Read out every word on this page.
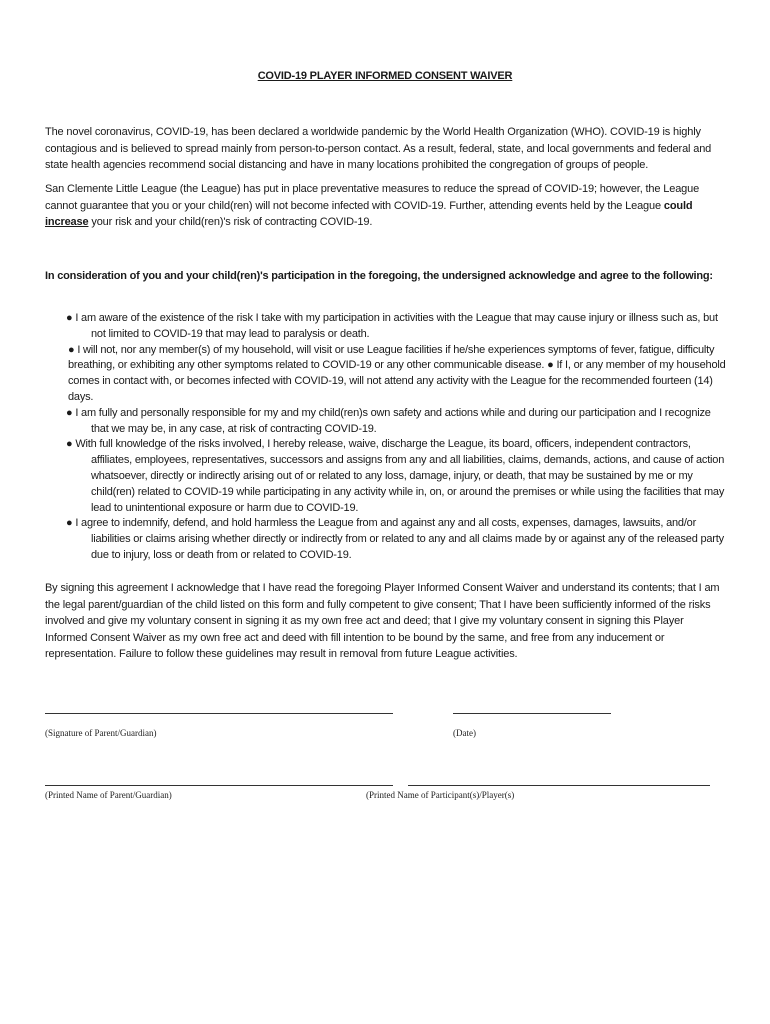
COVID-19 PLAYER INFORMED CONSENT WAIVER

The novel coronavirus, COVID-19, has been declared a worldwide pandemic by the World Health Organization (WHO). COVID-19 is highly contagious and is believed to spread mainly from person-to-person contact. As a result, federal, state, and local governments and federal and state health agencies recommend social distancing and have in many locations prohibited the congregation of groups of people.

San Clemente Little League (the League) has put in place preventative measures to reduce the spread of COVID-19; however, the League cannot guarantee that you or your child(ren) will not become infected with COVID-19. Further, attending events held by the League could increase your risk and your child(ren)'s risk of contracting COVID-19.

In consideration of you and your child(ren)'s participation in the foregoing, the undersigned acknowledge and agree to the following:

● I am aware of the existence of the risk I take with my participation in activities with the League that may cause injury or illness such as, but not limited to COVID-19 that may lead to paralysis or death.

● I will not, nor any member(s) of my household, will visit or use League facilities if he/she experiences symptoms of fever, fatigue, difficulty breathing, or exhibiting any other symptoms related to COVID-19 or any other communicable disease. ● If I, or any member of my household comes in contact with, or becomes infected with COVID-19, will not attend any activity with the League for the recommended fourteen (14) days.

● I am fully and personally responsible for my and my child(ren)s own safety and actions while and during our participation and I recognize that we may be, in any case, at risk of contracting COVID-19.

● With full knowledge of the risks involved, I hereby release, waive, discharge the League, its board, officers, independent contractors, affiliates, employees, representatives, successors and assigns from any and all liabilities, claims, demands, actions, and cause of action whatsoever, directly or indirectly arising out of or related to any loss, damage, injury, or death, that may be sustained by me or my child(ren) related to COVID-19 while participating in any activity while in, on, or around the premises or while using the facilities that may lead to unintentional exposure or harm due to COVID-19.

● I agree to indemnify, defend, and hold harmless the League from and against any and all costs, expenses, damages, lawsuits, and/or liabilities or claims arising whether directly or indirectly from or related to any and all claims made by or against any of the released party due to injury, loss or death from or related to COVID-19.

By signing this agreement I acknowledge that I have read the foregoing Player Informed Consent Waiver and understand its contents; that I am the legal parent/guardian of the child listed on this form and fully competent to give consent; That I have been sufficiently informed of the risks involved and give my voluntary consent in signing it as my own free act and deed; that I give my voluntary consent in signing this Player Informed Consent Waiver as my own free act and deed with fill intention to be bound by the same, and free from any inducement or representation. Failure to follow these guidelines may result in removal from future League activities.

(Signature of Parent/Guardian)	(Date)
(Printed Name of Parent/Guardian)	(Printed Name of Participant(s)/Player(s)
